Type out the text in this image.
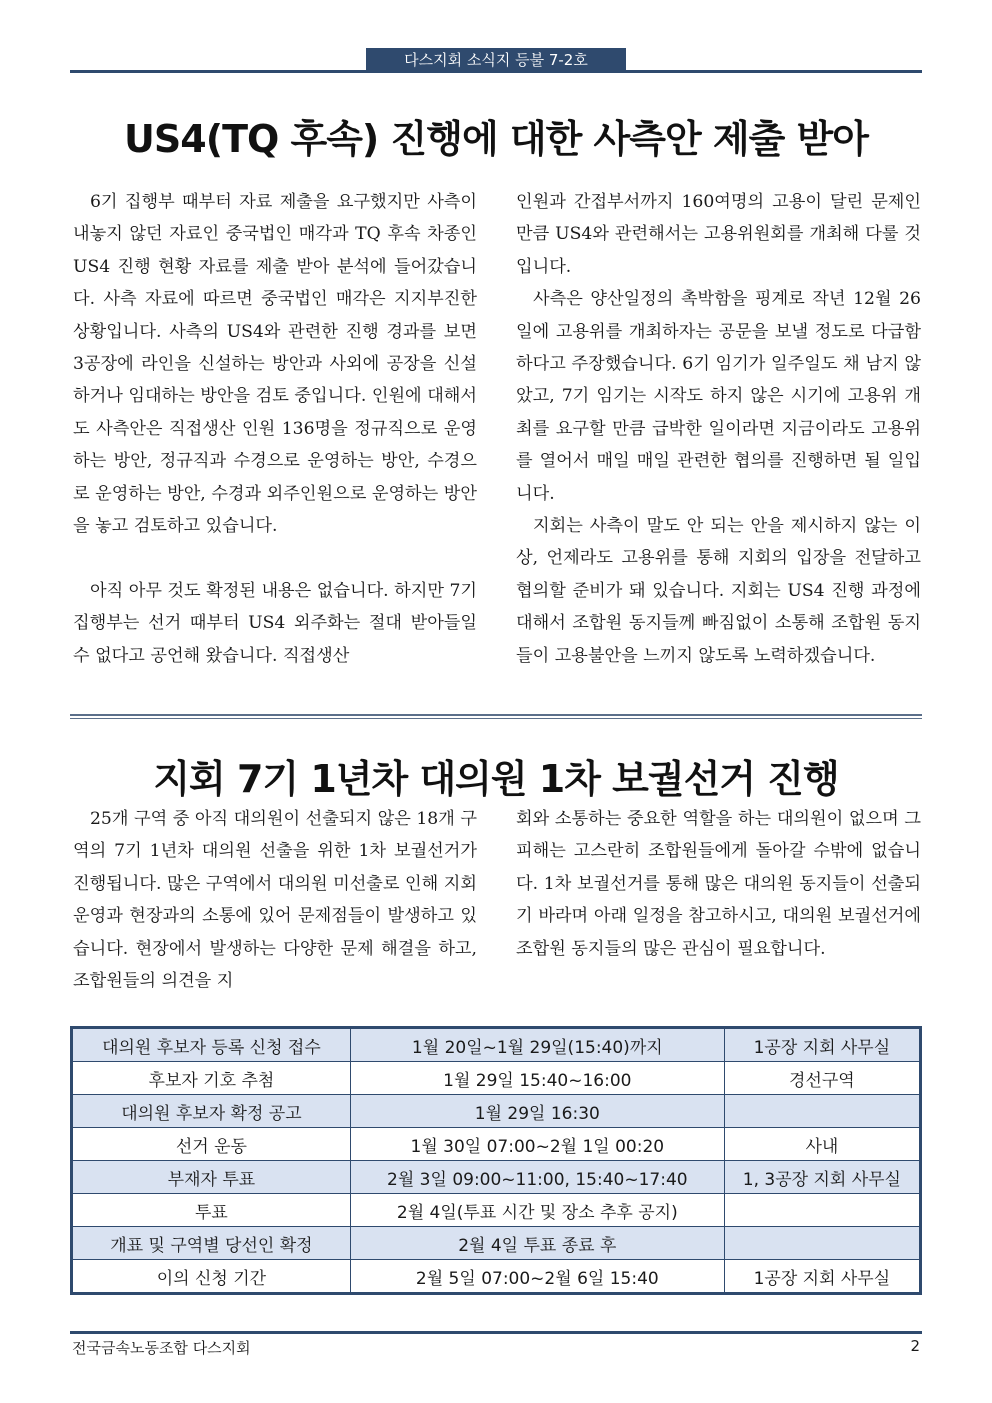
다스지회 소식지 등불 7-2호
US4(TQ 후속) 진행에 대한 사측안 제출 받아

6기 집행부 때부터 자료 제출을 요구했지만 사측이 내놓지 않던 자료인 중국법인 매각과 TQ 후속 차종인 US4 진행 현황 자료를 제출 받아 분석에 들어갔습니다. 사측 자료에 따르면 중국법인 매각은 지지부진한 상황입니다. 사측의 US4와 관련한 진행 경과를 보면 3공장에 라인을 신설하는 방안과 사외에 공장을 신설하거나 임대하는 방안을 검토 중입니다. 인원에 대해서도 사측안은 직접생산 인원 136명을 정규직으로 운영하는 방안, 정규직과 수경으로 운영하는 방안, 수경으로 운영하는 방안, 수경과 외주인원으로 운영하는 방안을 놓고 검토하고 있습니다.

아직 아무 것도 확정된 내용은 없습니다. 하지만 7기 집행부는 선거 때부터 US4 외주화는 절대 받아들일 수 없다고 공언해 왔습니다. 직접생산

인원과 간접부서까지 160여명의 고용이 달린 문제인 만큼 US4와 관련해서는 고용위원회를 개최해 다룰 것입니다.

사측은 양산일정의 촉박함을 핑계로 작년 12월 26일에 고용위를 개최하자는 공문을 보낼 정도로 다급함하다고 주장했습니다. 6기 임기가 일주일도 채 남지 않았고, 7기 임기는 시작도 하지 않은 시기에 고용위 개최를 요구할 만큼 급박한 일이라면 지금이라도 고용위를 열어서 매일 매일 관련한 협의를 진행하면 될 일입니다.

지회는 사측이 말도 안 되는 안을 제시하지 않는 이상, 언제라도 고용위를 통해 지회의 입장을 전달하고 협의할 준비가 돼 있습니다. 지회는 US4 진행 과정에 대해서 조합원 동지들께 빠짐없이 소통해 조합원 동지들이 고용불안을 느끼지 않도록 노력하겠습니다.

지회 7기 1년차 대의원 1차 보궐선거 진행

25개 구역 중 아직 대의원이 선출되지 않은 18개 구역의 7기 1년차 대의원 선출을 위한 1차 보궐선거가 진행됩니다. 많은 구역에서 대의원 미선출로 인해 지회 운영과 현장과의 소통에 있어 문제점들이 발생하고 있습니다. 현장에서 발생하는 다양한 문제 해결을 하고, 조합원들의 의견을 지

회와 소통하는 중요한 역할을 하는 대의원이 없으며 그 피해는 고스란히 조합원들에게 돌아갈 수밖에 없습니다. 1차 보궐선거를 통해 많은 대의원 동지들이 선출되기 바라며 아래 일정을 참고하시고, 대의원 보궐선거에 조합원 동지들의 많은 관심이 필요합니다.

대의원 후보자 등록 신청 접수	1월 20일~1월 29일(15:40)까지	1공장 지회 사무실
후보자 기호 추첨	1월 29일 15:40~16:00	경선구역
대의원 후보자 확정 공고	1월 29일 16:30	
선거 운동	1월 30일 07:00~2월 1일 00:20	사내
부재자 투표	2월 3일 09:00~11:00, 15:40~17:40	1, 3공장 지회 사무실
투표	2월 4일(투표 시간 및 장소 추후 공지)	
개표 및 구역별 당선인 확정	2월 4일 투표 종료 후	
이의 신청 기간	2월 5일 07:00~2월 6일 15:40	1공장 지회 사무실
전국금속노동조합 다스지회	2
